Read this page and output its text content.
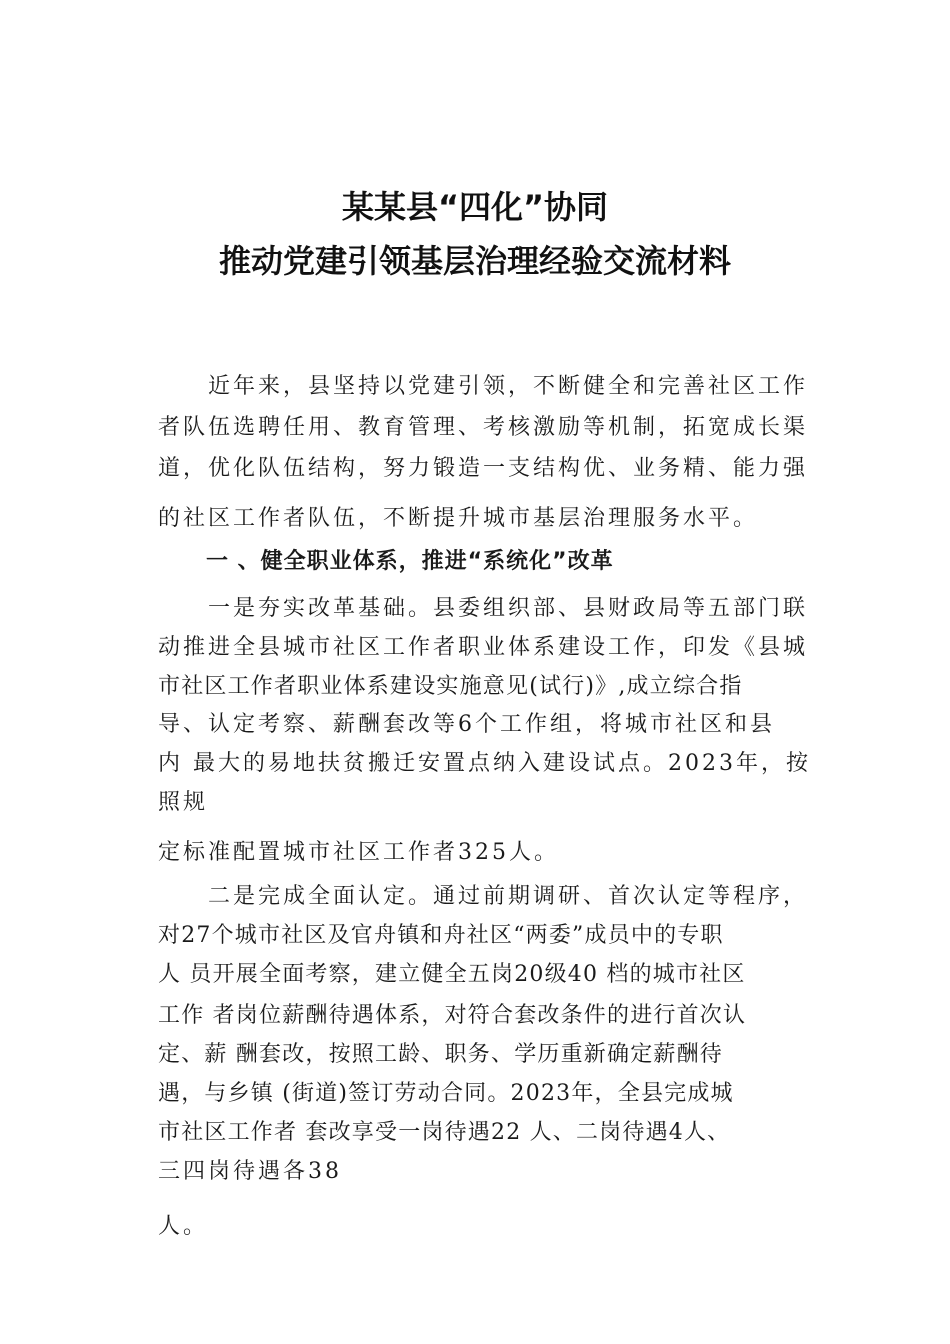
某某县“四化”协同
推动党建引领基层治理经验交流材料
近年来，县坚持以党建引领，不断健全和完善社区工作
者队伍选聘任用、教育管理、考核激励等机制，拓宽成长渠
道，优化队伍结构，努力锻造一支结构优、业务精、能力强
的社区工作者队伍，不断提升城市基层治理服务水平。
一 、健全职业体系，推进“系统化”改革
一是夯实改革基础。县委组织部、县财政局等五部门联
动推进全县城市社区工作者职业体系建设工作，印发《县城
市社区工作者职业体系建设实施意见(试行)》,成立综合指
导、认定考察、薪酬套改等6个工作组，将城市社区和县
内 最大的易地扶贫搬迁安置点纳入建设试点。2023年，按
照规
定标准配置城市社区工作者325人。
二是完成全面认定。通过前期调研、首次认定等程序，
对27个城市社区及官舟镇和舟社区“两委”成员中的专职
人 员开展全面考察，建立健全五岗20级40 档的城市社区
工作 者岗位薪酬待遇体系，对符合套改条件的进行首次认
定、薪 酬套改，按照工龄、职务、学历重新确定薪酬待
遇，与乡镇 (街道)签订劳动合同。2023年，全县完成城
市社区工作者 套改享受一岗待遇22 人、二岗待遇4人、
三四岗待遇各38
人。
